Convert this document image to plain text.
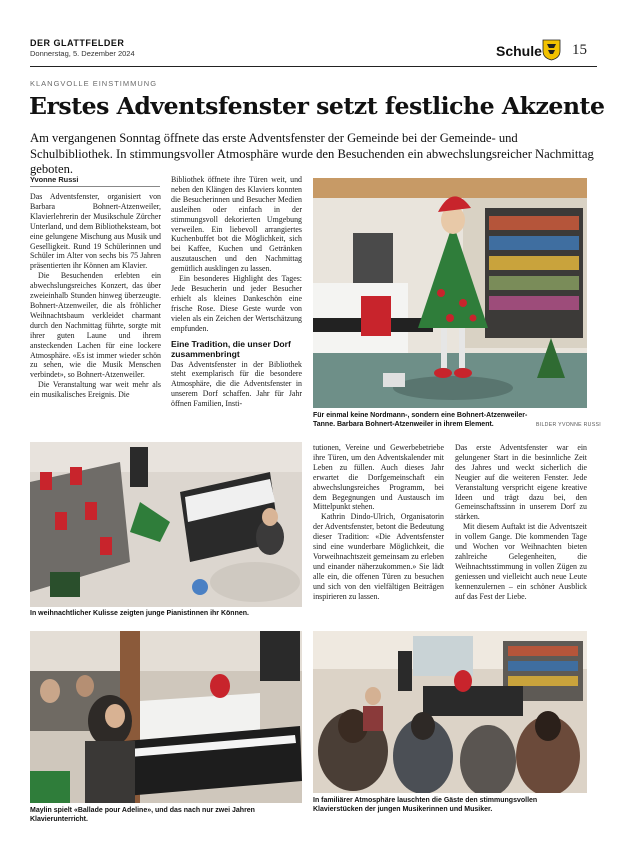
DER GLATTFELDER
Donnerstag, 5. Dezember 2024	Schule 15
KLANGVOLLE EINSTIMMUNG
Erstes Adventsfenster setzt festliche Akzente
Am vergangenen Sonntag öffnete das erste Adventsfenster der Gemeinde bei der Gemeinde- und Schulbibliothek. In stimmungsvoller Atmosphäre wurde den Besuchenden ein abwechslungsreicher Nachmittag geboten.
Yvonne Russi

Das Adventsfenster, organisiert von Barbara Bohnert-Atzenweiler, Klavierlehrerin der Musikschule Zürcher Unterland, und dem Bibliotheksteam, bot eine gelungene Mischung aus Musik und Geselligkeit. Rund 19 Schülerinnen und Schüler im Alter von sechs bis 75 Jahren präsentierten ihr Können am Klavier.

Die Besuchenden erlebten ein abwechslungsreiches Konzert, das über zweieinhalb Stunden hinweg überzeugte. Bohnert-Atzenweiler, die als fröhlicher Weihnachtsbaum verkleidet charmant durch den Nachmittag führte, sorgte mit ihrer guten Laune und ihrem ansteckenden Lachen für eine lockere Atmosphäre. «Es ist immer wieder schön zu sehen, wie die Musik Menschen verbindet», so Bohnert-Atzenweiler.

Die Veranstaltung war weit mehr als ein musikalisches Ereignis. Die

Bibliothek öffnete ihre Türen weit, und neben den Klängen des Klaviers konnten die Besucherinnen und Besucher Medien ausleihen oder einfach in der stimmungsvoll dekorierten Umgebung verweilen. Ein liebevoll arrangiertes Kuchenbuffet bot die Möglichkeit, sich bei Kaffee, Kuchen und Getränken auszutauschen und den Nachmittag gemütlich ausklingen zu lassen.

Ein besonderes Highlight des Tages: Jede Besucherin und jeder Besucher erhielt als kleines Dankeschön eine frische Rose. Diese Geste wurde von vielen als ein Zeichen der Wertschätzung empfunden.

Eine Tradition, die unser Dorf zusammenbringt

Das Adventsfenster in der Bibliothek steht exemplarisch für die besondere Atmosphäre, die die Adventsfenster in unserem Dorf schaffen. Jahr für Jahr öffnen Familien, Insti-

Für einmal keine Nordmann-, sondern eine Bohnert-Atzenweiler-Tanne. Barbara Bohnert-Atzenweiler in ihrem Element.	BILDER YVONNE RUSSI
In weihnachtlicher Kulisse zeigten junge Pianistinnen ihr Können.

tutionen, Vereine und Gewerbebetriebe ihre Türen, um den Adventskalender mit Leben zu füllen. Auch dieses Jahr erwartet die Dorfgemeinschaft ein abwechslungsreiches Programm, bei dem Begegnungen und Austausch im Mittelpunkt stehen.

Kathrin Dindo-Ulrich, Organisatorin der Adventsfenster, betont die Bedeutung dieser Tradition: «Die Adventsfenster sind eine wunderbare Möglichkeit, die Vorweihnachtszeit gemeinsam zu erleben und einander näherzukommen.» Sie lädt alle ein, die offenen Türen zu besuchen und sich von den vielfältigen Beiträgen inspirieren zu lassen.

Das erste Adventsfenster war ein gelungener Start in die besinnliche Zeit des Jahres und weckt sicherlich die Neugier auf die weiteren Fenster. Jede Veranstaltung verspricht eigene kreative Ideen und trägt dazu bei, den Gemeinschaftssinn in unserem Dorf zu stärken.

Mit diesem Auftakt ist die Adventszeit in vollem Gange. Die kommenden Tage und Wochen vor Weihnachten bieten zahlreiche Gelegenheiten, die Weihnachtsstimmung in vollen Zügen zu geniessen und vielleicht auch neue Leute kennenzulernen – ein schöner Ausblick auf das Fest der Liebe.

Maylin spielt «Ballade pour Adeline», und das nach nur zwei Jahren Klavierunterricht.
In familiärer Atmosphäre lauschten die Gäste den stimmungsvollen Klavierstücken der jungen Musikerinnen und Musiker.
